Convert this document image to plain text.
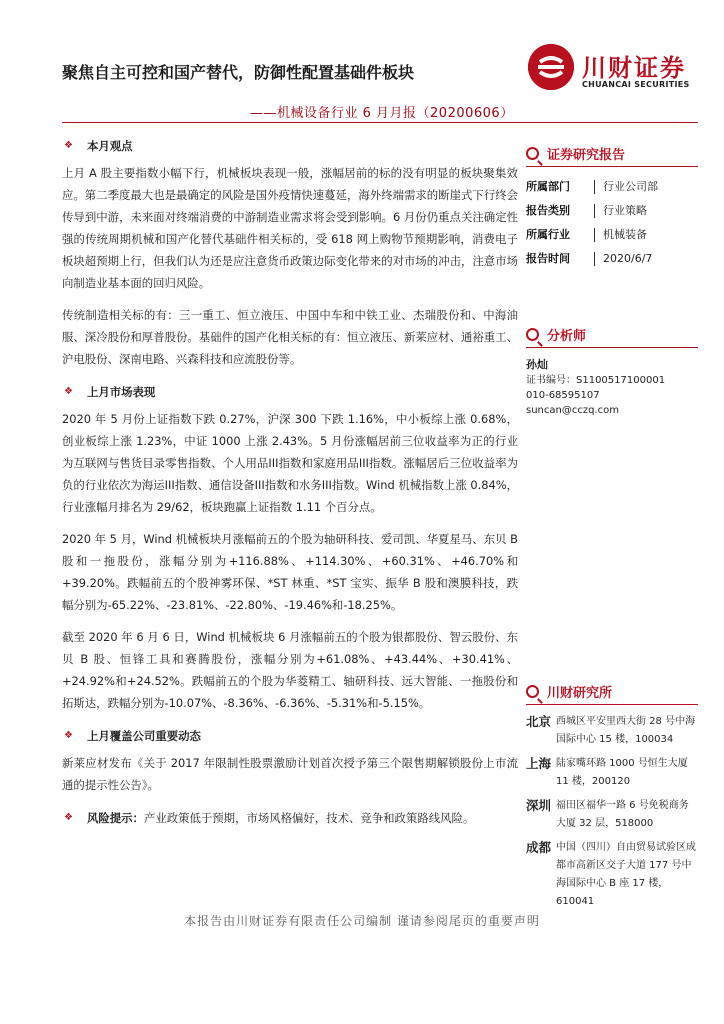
聚焦自主可控和国产替代，防御性配置基础件板块
——机械设备行业 6 月月报（20200606）
川财证券
CHUANCAI SECURITIES
❖ 本月观点

上月 A 股主要指数小幅下行，机械板块表现一般，涨幅居前的标的没有明显的板块聚集效应。第二季度最大也是最确定的风险是国外疫情快速蔓延，海外终端需求的断崖式下行终会传导到中游，未来面对终端消费的中游制造业需求将会受到影响。6 月份仍重点关注确定性强的传统周期机械和国产化替代基础件相关标的，受 618 网上购物节预期影响，消费电子板块超预期上行，但我们认为还是应注意货币政策边际变化带来的对市场的冲击，注意市场向制造业基本面的回归风险。

传统制造相关标的有：三一重工、恒立液压、中国中车和中铁工业、杰瑞股份和、中海油服、深冷股份和厚普股份。基础件的国产化相关标的有：恒立液压、新莱应材、通裕重工、沪电股份、深南电路、兴森科技和应流股份等。

❖ 上月市场表现

2020 年 5 月份上证指数下跌 0.27%，沪深 300 下跌 1.16%，中小板综上涨 0.68%，创业板综上涨 1.23%，中证 1000 上涨 2.43%。5 月份涨幅居前三位收益率为正的行业为互联网与售货目录零售指数、个人用品III指数和家庭用品III指数。涨幅居后三位收益率为负的行业依次为海运III指数、通信设备III指数和水务III指数。Wind 机械指数上涨 0.84%，行业涨幅月排名为 29/62，板块跑赢上证指数 1.11 个百分点。

2020 年 5 月，Wind 机械板块月涨幅前五的个股为轴研科技、爱司凯、华夏星马、东贝 B 股和一拖股份，涨幅分别为+116.88%、+114.30%、+60.31%、+46.70%和+39.20%。跌幅前五的个股神雾环保、*ST 林重、*ST 宝实、振华 B 股和澳膜科技，跌幅分别为-65.22%、-23.81%、-22.80%、-19.46%和-18.25%。

截至 2020 年 6 月 6 日，Wind 机械板块 6 月涨幅前五的个股为银都股份、智云股份、东贝 B 股、恒锋工具和赛腾股份，涨幅分别为+61.08%、+43.44%、+30.41%、+24.92%和+24.52%。跌幅前五的个股为华菱精工、轴研科技、远大智能、一拖股份和拓斯达，跌幅分别为-10.07%、-8.36%、-6.36%、-5.31%和-5.15%。

❖ 上月覆盖公司重要动态

新莱应材发布《关于 2017 年限制性股票激励计划首次授予第三个限售期解锁股份上市流通的提示性公告》。

❖ 风险提示： 产业政策低于预期，市场风格偏好，技术、竞争和政策路线风险。
证券研究报告
所属部门	行业公司部
报告类别	行业策略
所属行业	机械装备
报告时间	2020/6/7
分析师
孙灿
证书编号：S1100517100001
010-68595107
suncan@cczq.com
川财研究所
北京 西城区平安里西大街 28 号中海国际中心 15 楼，100034
上海 陆家嘴环路 1000 号恒生大厦 11 楼，200120
深圳 福田区福华一路 6 号免税商务大厦 32 层，518000
成都 中国（四川）自由贸易试验区成都市高新区交子大道 177 号中海国际中心 B 座 17 楼，610041
本报告由川财证券有限责任公司编制 谨请参阅尾页的重要声明
